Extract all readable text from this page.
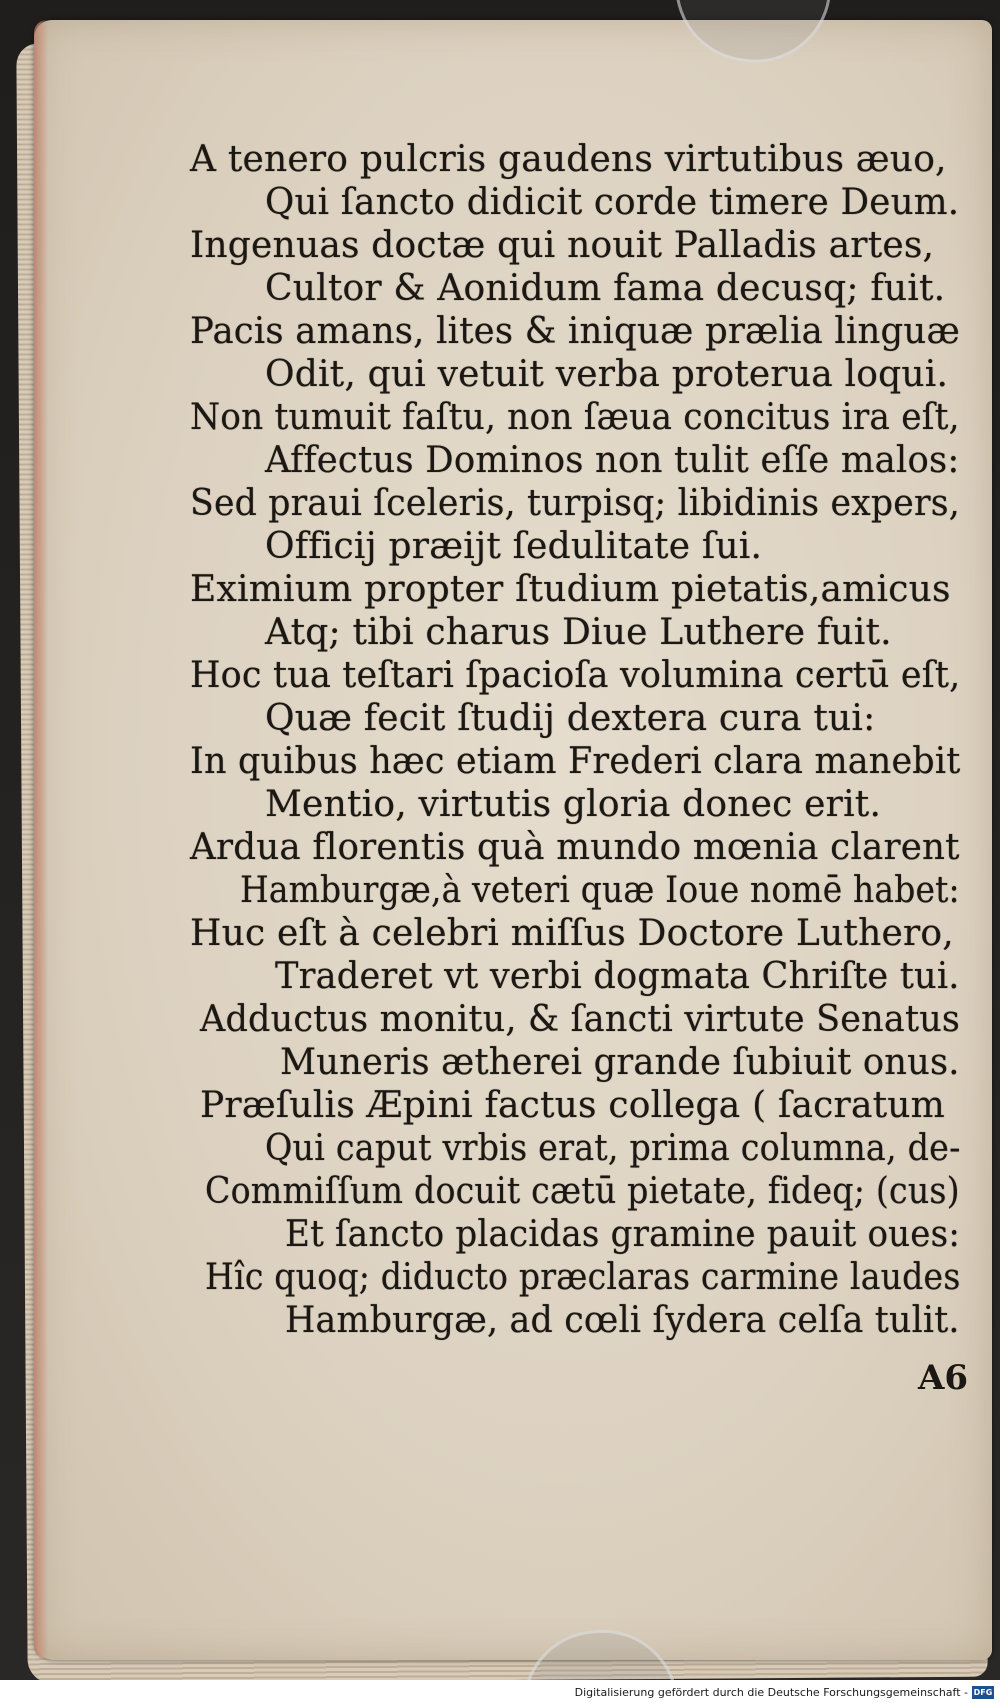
A tenero pulcris gaudens virtutibus æuo,
Qui ſancto didicit corde timere Deum.
Ingenuas doctæ qui nouit Palladis artes,
Cultor & Aonidum fama decusq; fuit.
Pacis amans, lites & iniquæ prælia linguæ
Odit, qui vetuit verba proterua loqui.
Non tumuit faſtu, non ſæua concitus ira eſt,
Affectus Dominos non tulit eſſe malos:
Sed praui ſceleris, turpisq; libidinis expers,
Officij præijt ſedulitate ſui.
Eximium propter ſtudium pietatis,amicus
Atq; tibi charus Diue Luthere fuit.
Hoc tua teſtari ſpacioſa volumina certū eſt,
Quæ fecit ſtudij dextera cura tui:
In quibus hæc etiam Frederi clara manebit
Mentio, virtutis gloria donec erit.
Ardua florentis quà mundo mœnia clarent
Hamburgæ,à veteri quæ Ioue nomē habet:
Huc eſt à celebri miſſus Doctore Luthero,
Traderet vt verbi dogmata Chriſte tui.
Adductus monitu, & ſancti virtute Senatus
Muneris ætherei grande ſubiuit onus.
Præſulis Æpini factus collega ( ſacratum
Qui caput vrbis erat, prima columna, de-
Commiſſum docuit cætū pietate, fideq; (cus)
Et ſancto placidas gramine pauit oues:
Hîc quoq; diducto præclaras carmine laudes
Hamburgæ, ad cœli ſydera celſa tulit.
A6
Digitalisierung gefördert durch die Deutsche Forschungsgemeinschaft - DFG
